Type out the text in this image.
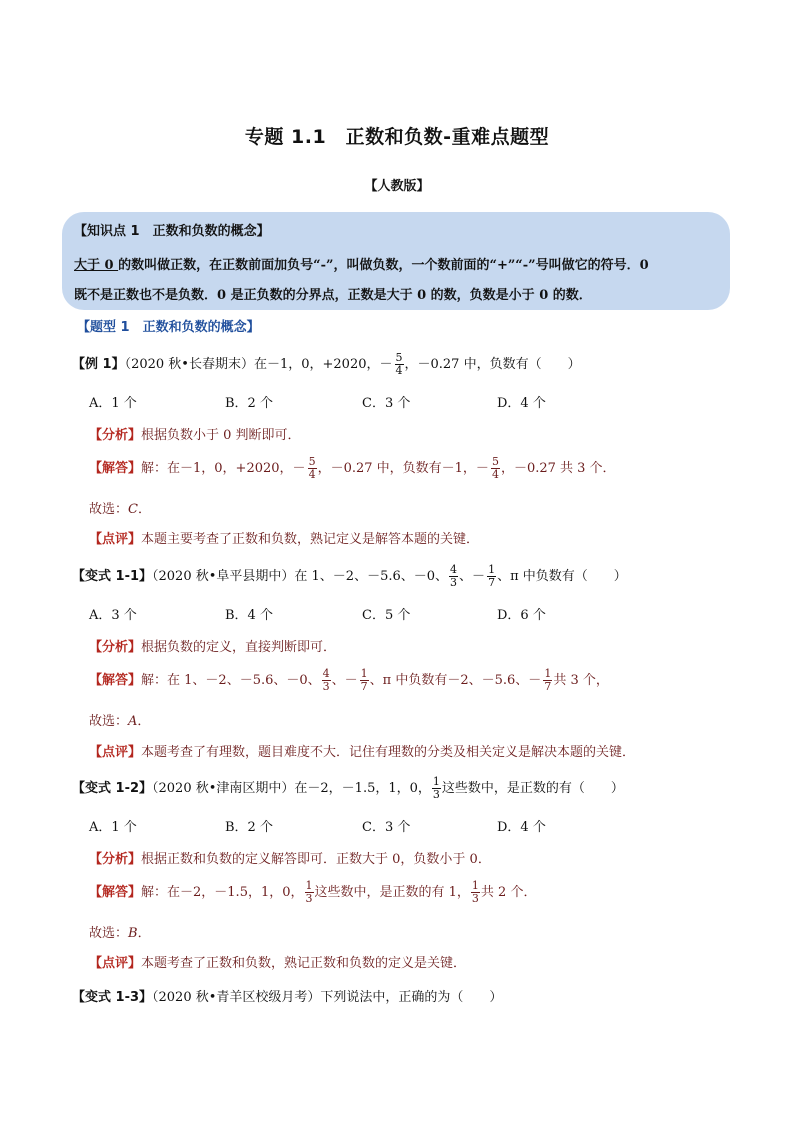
专题 1.1　正数和负数-重难点题型
【人教版】
【知识点 1　正数和负数的概念】
大于 0 的数叫做正数，在正数前面加负号“-”，叫做负数，一个数前面的“+”“-”号叫做它的符号．0
既不是正数也不是负数．0 是正负数的分界点，正数是大于 0 的数，负数是小于 0 的数．
【题型 1　正数和负数的概念】
【例 1】（2020 秋•长春期末）在－1，0，+2020，－ $\frac{5}{4}$ ，－0.27 中，负数有（　　）
A．1 个	B．2 个	C．3 个	D．4 个
【分析】根据负数小于 0 判断即可．
【解答】解：在－1，0，+2020，－ $\frac{5}{4}$ ，－0.27 中，负数有－1，－ $\frac{5}{4}$ ，－0.27 共 3 个．
故选：C．
【点评】本题主要考查了正数和负数，熟记定义是解答本题的关键．
【变式 1-1】（2020 秋•阜平县期中）在 1、－2、－5.6、－0、 $\frac{4}{3}$ 、－ $\frac{1}{7}$ 、π 中负数有（　　）
A．3 个	B．4 个	C．5 个	D．6 个
【分析】根据负数的定义，直接判断即可．
【解答】解：在 1、－2、－5.6、－0、 $\frac{4}{3}$ 、－ $\frac{1}{7}$ 、π 中负数有－2、－5.6、－ $\frac{1}{7}$ 共 3 个，
故选：A．
【点评】本题考查了有理数，题目难度不大．记住有理数的分类及相关定义是解决本题的关键．
【变式 1-2】（2020 秋•津南区期中）在－2，－1.5，1，0， $\frac{1}{3}$ 这些数中，是正数的有（　　）
A．1 个	B．2 个	C．3 个	D．4 个
【分析】根据正数和负数的定义解答即可．正数大于 0，负数小于 0．
【解答】解：在－2，－1.5，1，0， $\frac{1}{3}$ 这些数中，是正数的有 1， $\frac{1}{3}$ 共 2 个．
故选：B．
【点评】本题考查了正数和负数，熟记正数和负数的定义是关键．
【变式 1-3】（2020 秋•青羊区校级月考）下列说法中，正确的为（　　）
